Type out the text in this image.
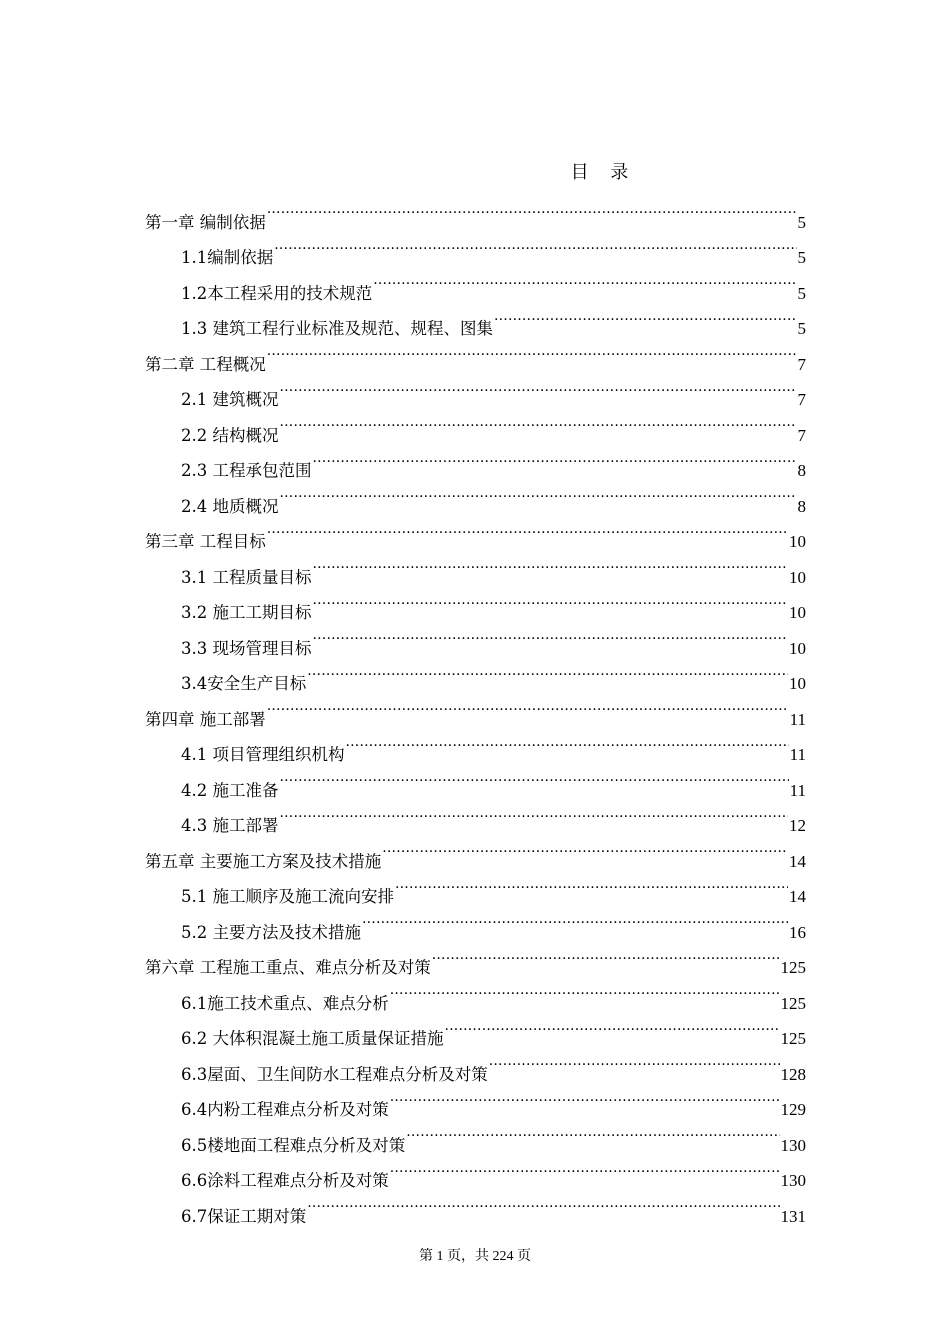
目 录
第一章 编制依据 .....	5
1.1编制依据 .....	5
1.2本工程采用的技术规范 .....	5
1.3 建筑工程行业标准及规范、规程、图集 .....	5
第二章 工程概况 .....	7
2.1 建筑概况 .....	7
2.2 结构概况 .....	7
2.3 工程承包范围 .....	8
2.4 地质概况 .....	8
第三章 工程目标 .....	10
3.1 工程质量目标 .....	10
3.2 施工工期目标 .....	10
3.3 现场管理目标 .....	10
3.4安全生产目标 .....	10
第四章 施工部署 .....	11
4.1 项目管理组织机构 .....	11
4.2 施工准备 .....	11
4.3 施工部署 .....	12
第五章 主要施工方案及技术措施 .....	14
5.1 施工顺序及施工流向安排 .....	14
5.2 主要方法及技术措施 .....	16
第六章 工程施工重点、难点分析及对策 .....	125
6.1施工技术重点、难点分析 .....	125
6.2 大体积混凝土施工质量保证措施 .....	125
6.3屋面、卫生间防水工程难点分析及对策 .....	128
6.4内粉工程难点分析及对策 .....	129
6.5楼地面工程难点分析及对策 .....	130
6.6涂料工程难点分析及对策 .....	130
6.7保证工期对策 .....	131
第 1 页，共 224 页
